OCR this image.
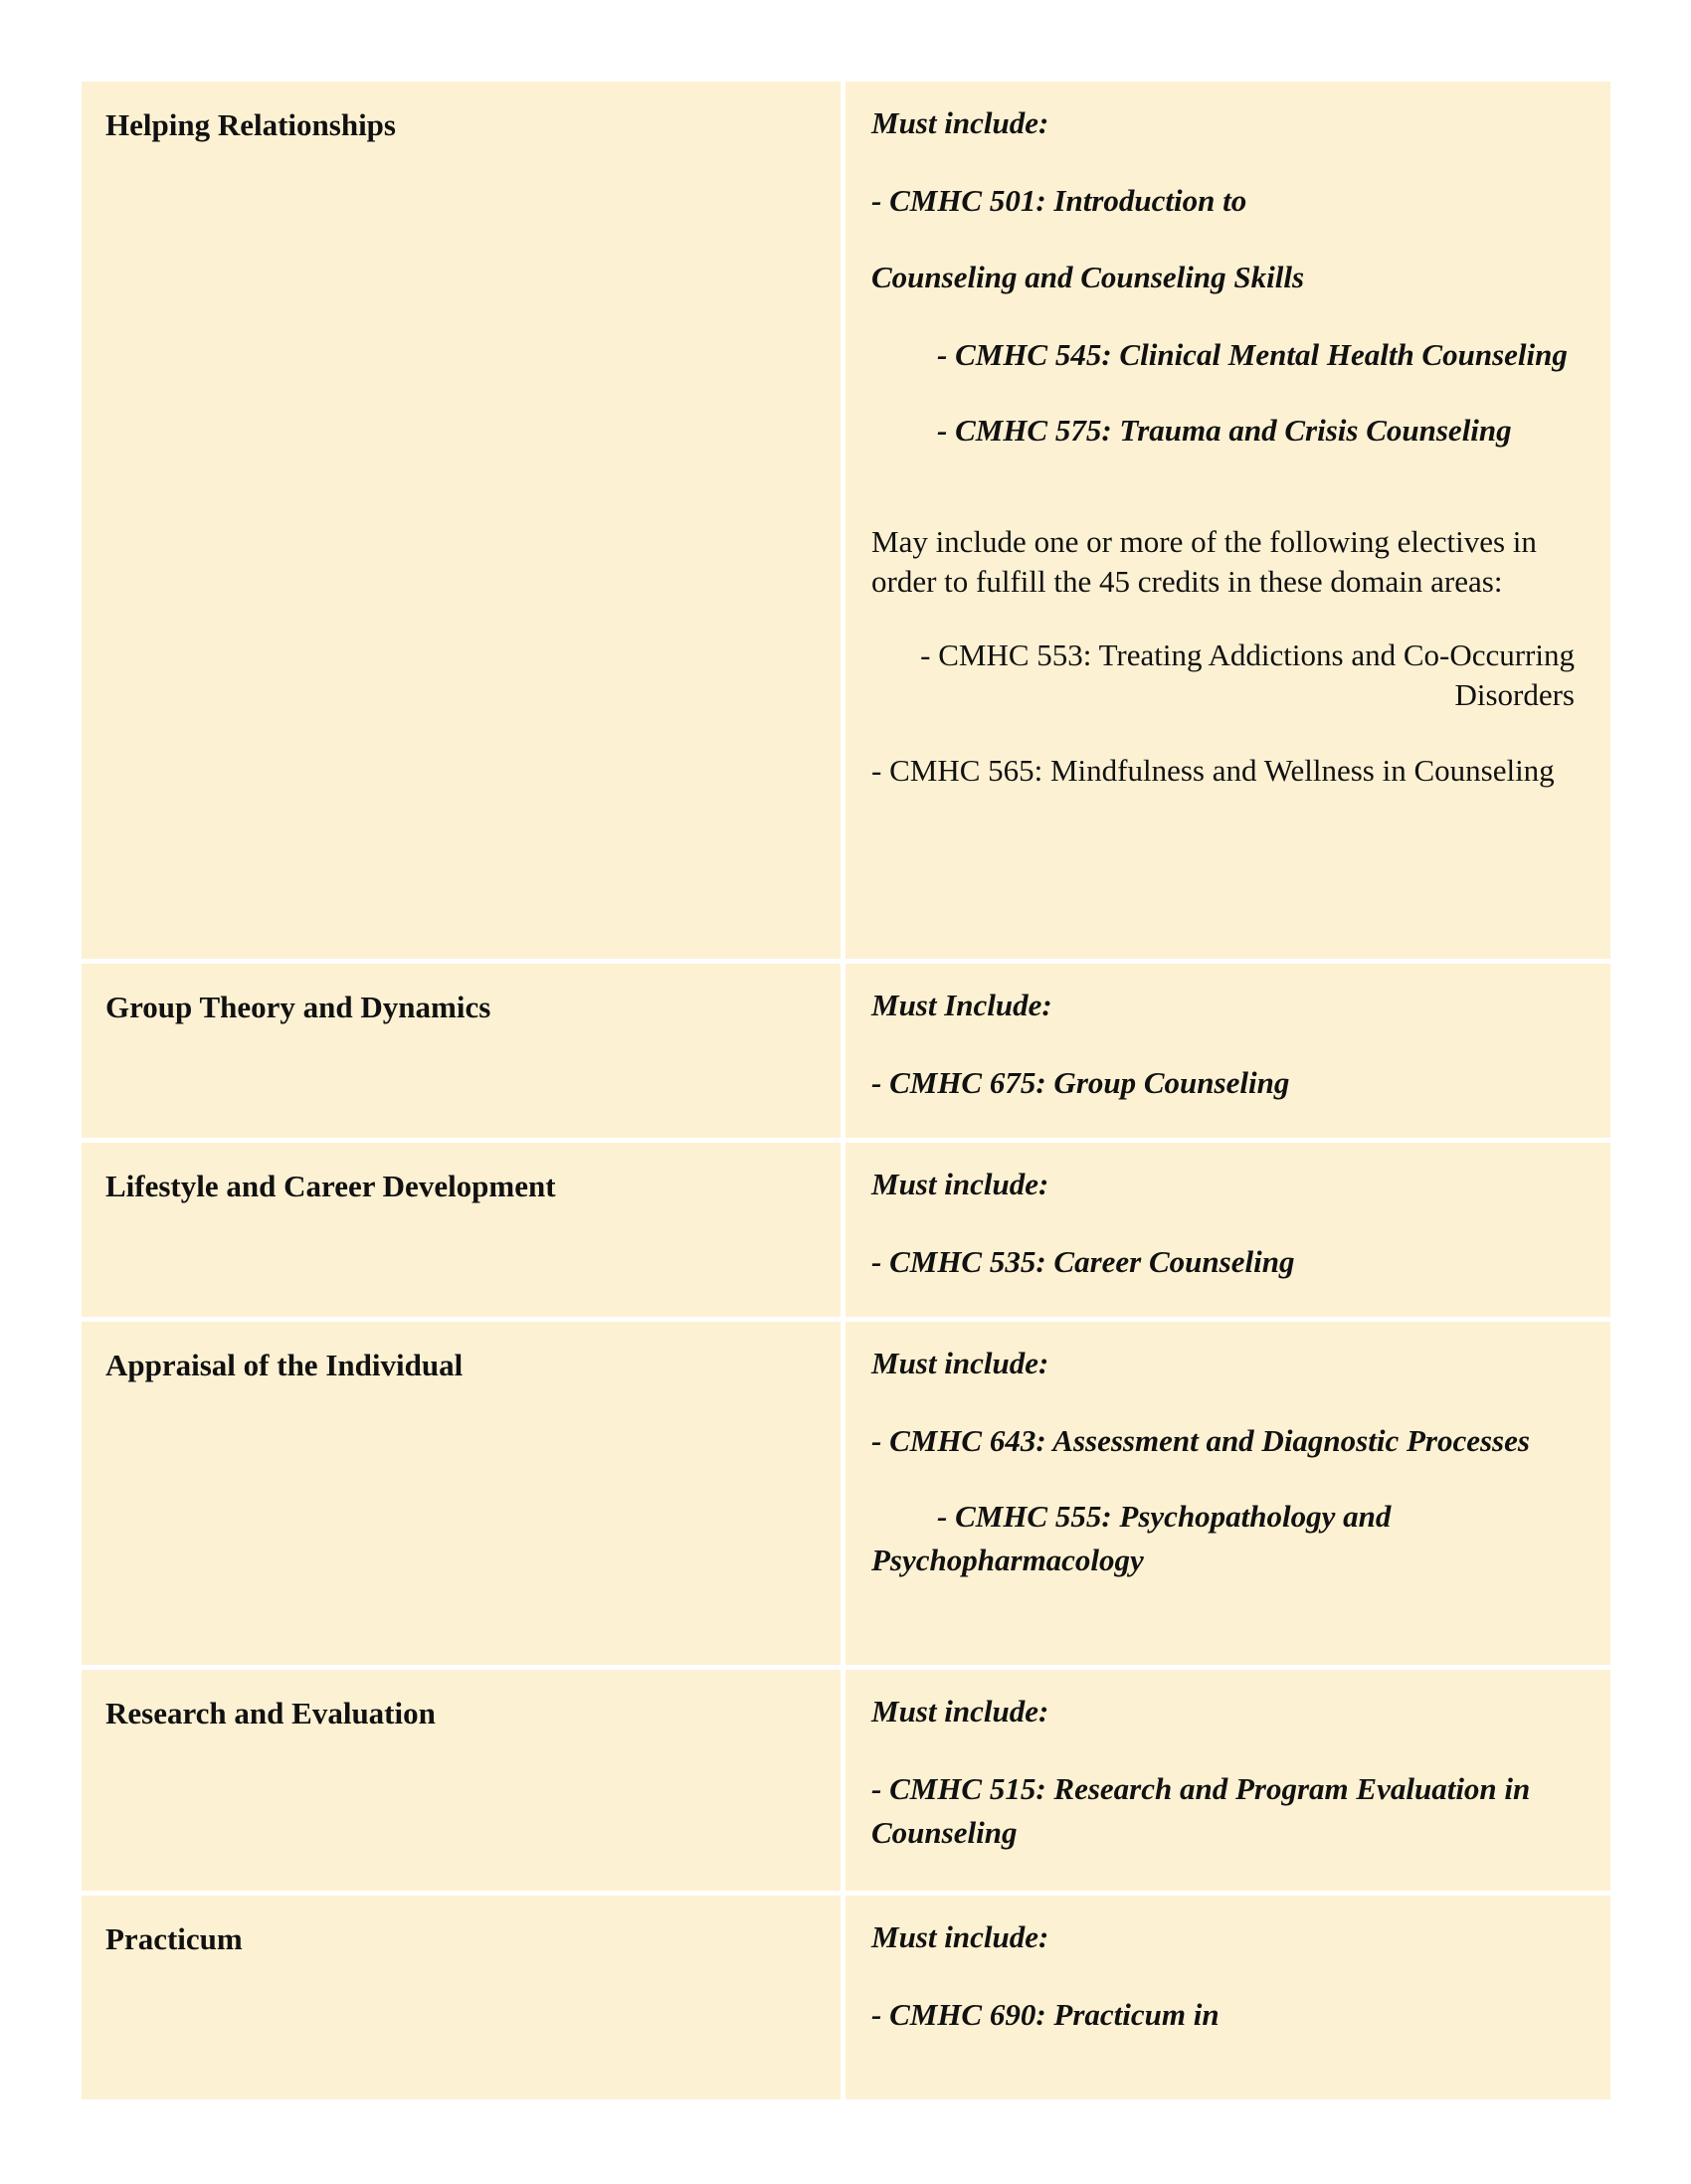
Helping Relationships	Must include:

- CMHC 501: Introduction to

Counseling and Counseling Skills

- CMHC 545: Clinical Mental Health Counseling

- CMHC 575: Trauma and Crisis Counseling

May include one or more of the following electives in order to fulfill the 45 credits in these domain areas:

- CMHC 553: Treating Addictions and Co-Occurring Disorders

- CMHC 565: Mindfulness and Wellness in Counseling

Group Theory and Dynamics	Must Include:

- CMHC 675: Group Counseling

Lifestyle and Career Development	Must include:

- CMHC 535: Career Counseling

Appraisal of the Individual	Must include:

- CMHC 643: Assessment and Diagnostic Processes

- CMHC 555: Psychopathology and Psychopharmacology

Research and Evaluation	Must include:

- CMHC 515: Research and Program Evaluation in Counseling

Practicum	Must include:

- CMHC 690: Practicum in
